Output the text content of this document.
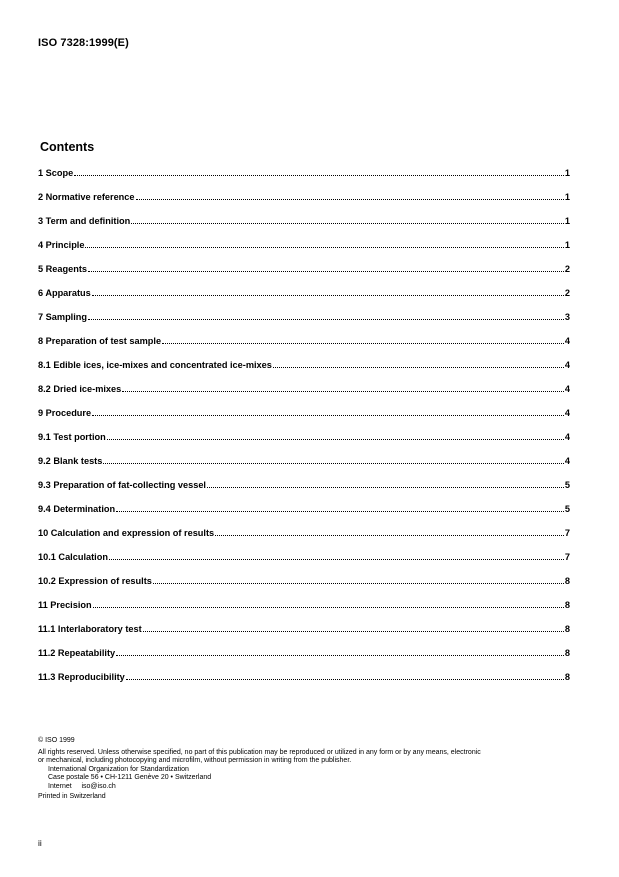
ISO 7328:1999(E)
Contents
1 Scope	1
2 Normative reference	1
3 Term and definition	1
4 Principle	1
5 Reagents	2
6 Apparatus	2
7 Sampling	3
8 Preparation of test sample	4
8.1 Edible ices, ice-mixes and concentrated ice-mixes	4
8.2 Dried ice-mixes	4
9 Procedure	4
9.1 Test portion	4
9.2 Blank tests	4
9.3 Preparation of fat-collecting vessel	5
9.4 Determination	5
10 Calculation and expression of results	7
10.1 Calculation	7
10.2 Expression of results	8
11 Precision	8
11.1 Interlaboratory test	8
11.2 Repeatability	8
11.3 Reproducibility	8
© ISO 1999
All rights reserved. Unless otherwise specified, no part of this publication may be reproduced or utilized in any form or by any means, electronic
or mechanical, including photocopying and microfilm, without permission in writing from the publisher.
International Organization for Standardization
Case postale 56 • CH-1211 Genève 20 • Switzerland
Internet iso@iso.ch
Printed in Switzerland
ii
